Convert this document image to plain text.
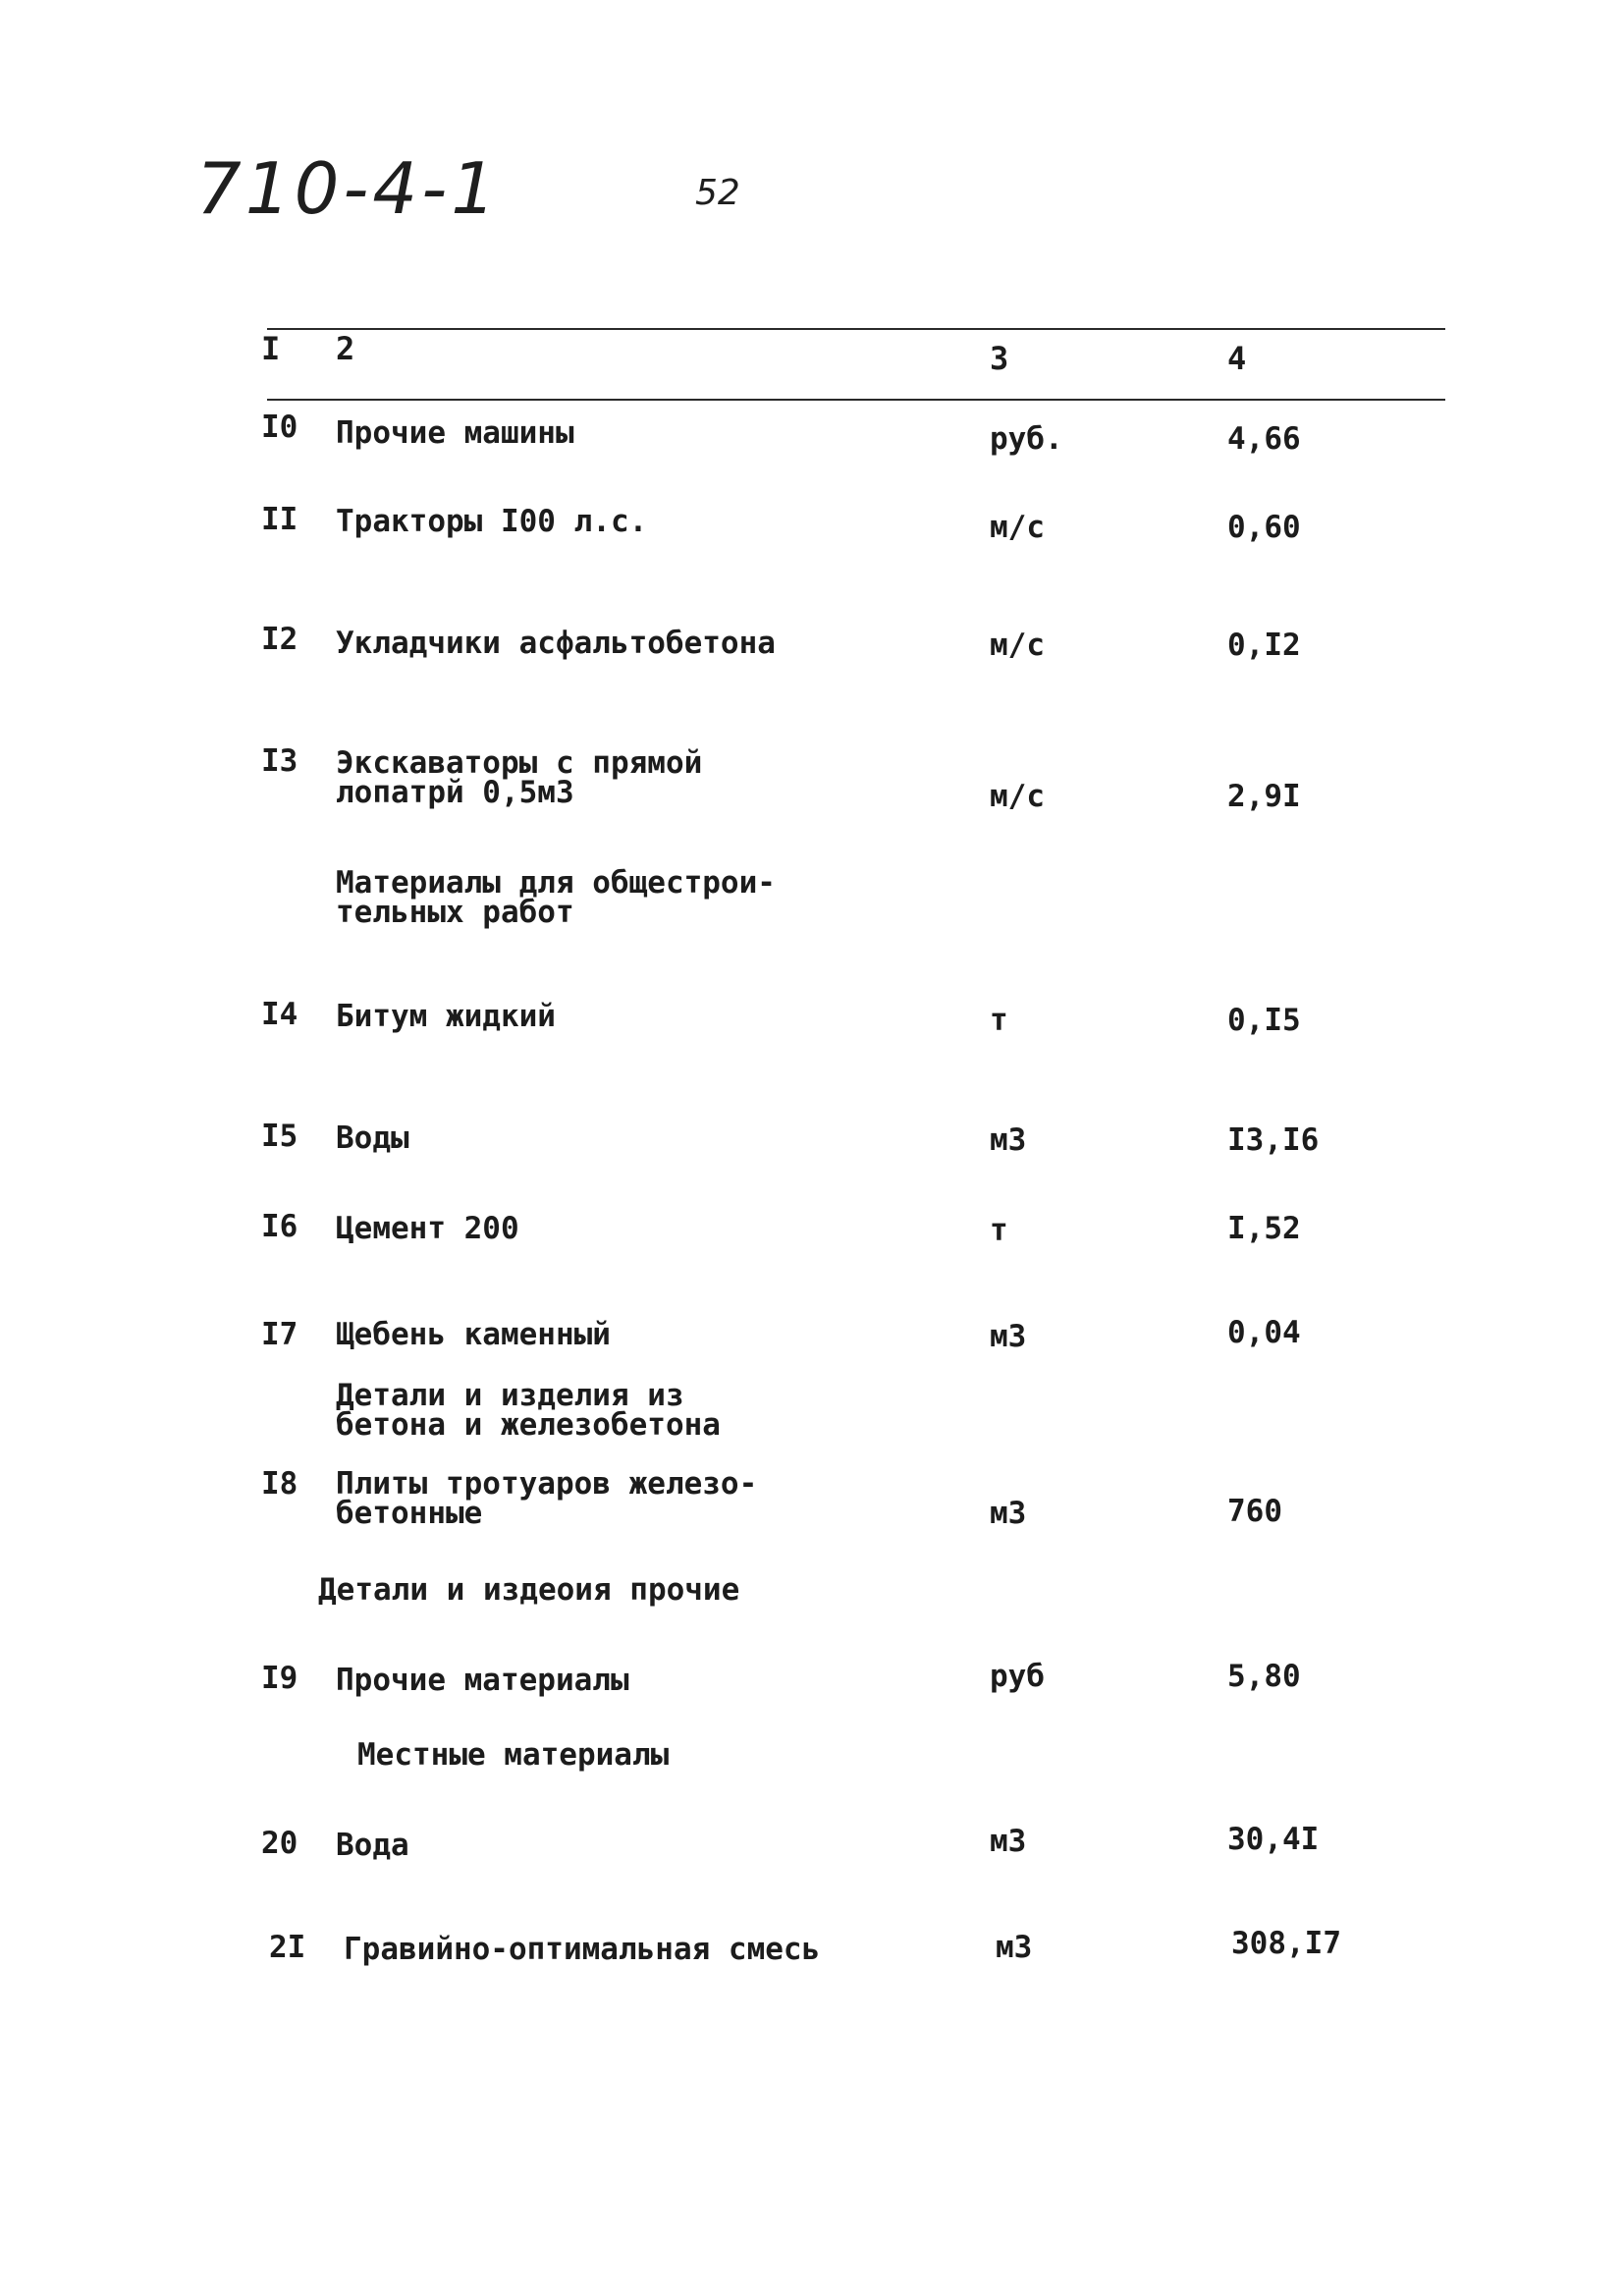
710-4-1	52
I 2	3	4
I0 Прочие машины	руб.	4,66
II Тракторы I00 л.с.	м/с	0,60
I2 Укладчики асфальтобетона	м/с	0,I2
I3 Экскаваторы с прямой
лопатрй 0,5м3	м/с	2,9I
Материалы для общестрои-
тельных работ
I4 Битум жидкий	т	0,I5
I5 Воды	м3	I3,I6
I6 Цемент 200	т	I,52
I7 Щебень каменный	м3	0,04
Детали и изделия из
бетона и железобетона
I8 Плиты тротуаров железо-
бетонные	м3	760
Детали и издеоия прочие
I9 Прочие материалы	руб	5,80
Местные материалы
20 Вода	м3	30,4I
2I Гравийно-оптимальная смесь	м3	308,I7
